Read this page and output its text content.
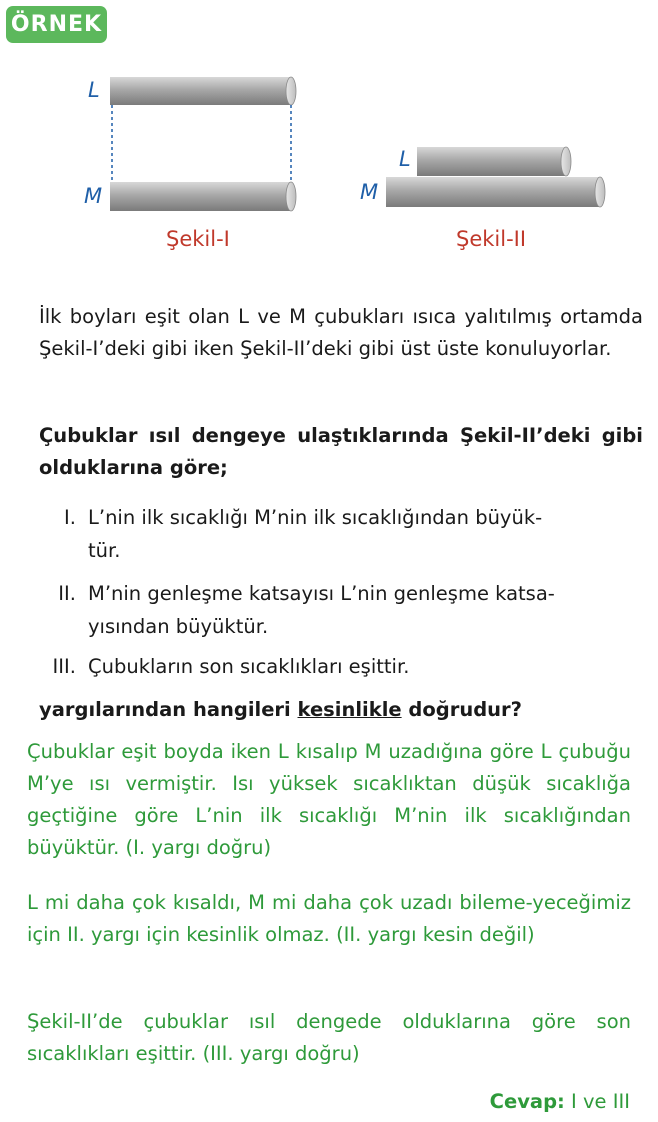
ÖRNEK
L
M
Şekil-I
L
M
Şekil-II
İlk boyları eşit olan L ve M çubukları ısıca yalıtılmış ortamda Şekil-I’deki gibi iken Şekil-II’deki gibi üst üste konuluyorlar.
Çubuklar ısıl dengeye ulaştıklarında Şekil-II’deki gibi olduklarına göre;
I. L’nin ilk sıcaklığı M’nin ilk sıcaklığından büyük-
tür.
II. M’nin genleşme katsayısı L’nin genleşme katsa-
yısından büyüktür.
III. Çubukların son sıcaklıkları eşittir.
yargılarından hangileri kesinlikle doğrudur?
Çubuklar eşit boyda iken L kısalıp M uzadığına göre L çubuğu M’ye ısı vermiştir. Isı yüksek sıcaklıktan düşük sıcaklığa geçtiğine göre L’nin ilk sıcaklığı M’nin ilk sıcaklığından büyüktür. (I. yargı doğru)
L mi daha çok kısaldı, M mi daha çok uzadı bileme-yeceğimiz için II. yargı için kesinlik olmaz. (II. yargı kesin değil)
Şekil-II’de çubuklar ısıl dengede olduklarına göre son sıcaklıkları eşittir. (III. yargı doğru)
Cevap: I ve III
